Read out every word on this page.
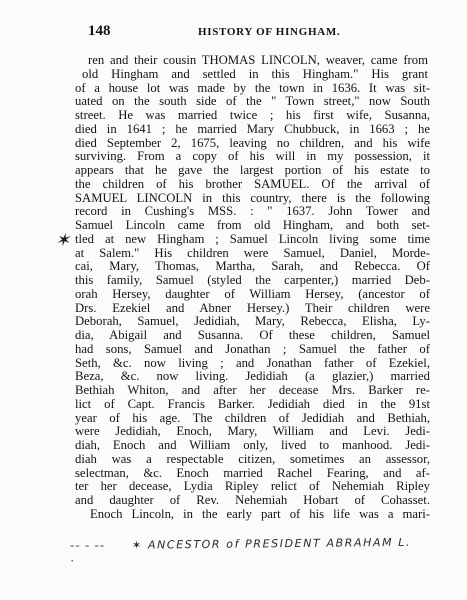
148	HISTORY OF HINGHAM.
ren and their cousin THOMAS LINCOLN, weaver, came from
old Hingham and settled in this Hingham." His grant
of a house lot was made by the town in 1636. It was sit-
uated on the south side of the " Town street," now South
street. He was married twice ; his first wife, Susanna,
died in 1641 ; he married Mary Chubbuck, in 1663 ; he
died September 2, 1675, leaving no children, and his wife
surviving. From a copy of his will in my possession, it
appears that he gave the largest portion of his estate to
the children of his brother SAMUEL. Of the arrival of
SAMUEL LINCOLN in this country, there is the following
record in Cushing's MSS. : " 1637. John Tower and
Samuel Lincoln came from old Hingham, and both set-
tled at new Hingham ; Samuel Lincoln living some time
at Salem." His children were Samuel, Daniel, Morde-
cai, Mary, Thomas, Martha, Sarah, and Rebecca. Of
this family, Samuel (styled the carpenter,) married Deb-
orah Hersey, daughter of William Hersey, (ancestor of
Drs. Ezekiel and Abner Hersey.) Their children were
Deborah, Samuel, Jedidiah, Mary, Rebecca, Elisha, Ly-
dia, Abigail and Susanna. Of these children, Samuel
had sons, Samuel and Jonathan ; Samuel the father of
Seth, &c. now living ; and Jonathan father of Ezekiel,
Beza, &c. now living. Jedidiah (a glazier,) married
Bethiah Whiton, and after her decease Mrs. Barker re-
lict of Capt. Francis Barker. Jedidiah died in the 91st
year of his age. The children of Jedidiah and Bethiah,
were Jedidiah, Enoch, Mary, William and Levi. Jedi-
diah, Enoch and William only, lived to manhood. Jedi-
diah was a respectable citizen, sometimes an assessor,
selectman, &c. Enoch married Rachel Fearing, and af-
ter her decease, Lydia Ripley relict of Nehemiah Ripley
and daughter of Rev. Nehemiah Hobart of Cohasset.
Enoch Lincoln, in the early part of his life was a mari-
✶
-- - -- ·
✶ ANCESTOR of PRESIDENT ABRAHAM L.
